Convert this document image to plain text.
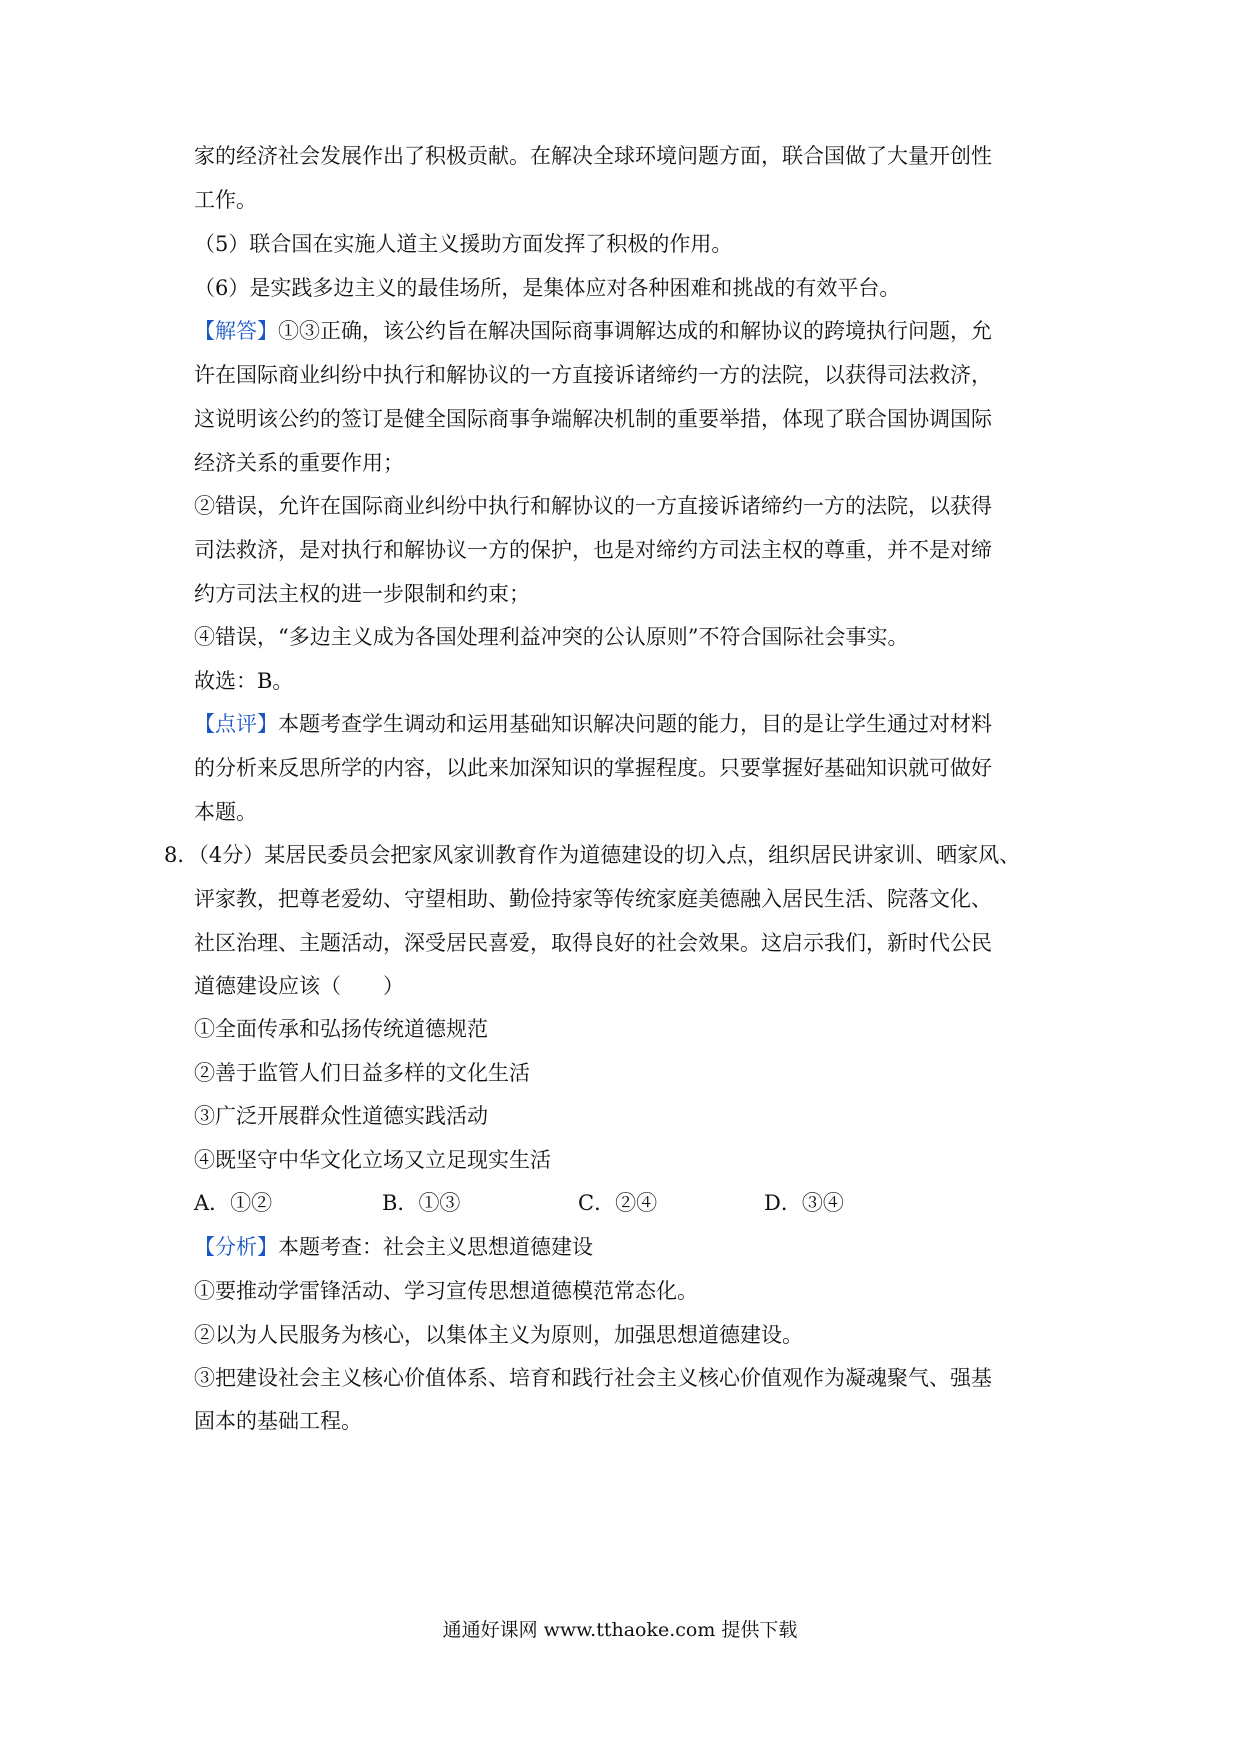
家的经济社会发展作出了积极贡献。在解决全球环境问题方面，联合国做了大量开创性
工作。
（5）联合国在实施人道主义援助方面发挥了积极的作用。
（6）是实践多边主义的最佳场所，是集体应对各种困难和挑战的有效平台。
【解答】①③正确，该公约旨在解决国际商事调解达成的和解协议的跨境执行问题，允
许在国际商业纠纷中执行和解协议的一方直接诉诸缔约一方的法院，以获得司法救济，
这说明该公约的签订是健全国际商事争端解决机制的重要举措，体现了联合国协调国际
经济关系的重要作用；
②错误，允许在国际商业纠纷中执行和解协议的一方直接诉诸缔约一方的法院，以获得
司法救济，是对执行和解协议一方的保护，也是对缔约方司法主权的尊重，并不是对缔
约方司法主权的进一步限制和约束；
④错误，“多边主义成为各国处理利益冲突的公认原则”不符合国际社会事实。
故选：B。
【点评】本题考查学生调动和运用基础知识解决问题的能力，目的是让学生通过对材料
的分析来反思所学的内容，以此来加深知识的掌握程度。只要掌握好基础知识就可做好
本题。
8．（4分）某居民委员会把家风家训教育作为道德建设的切入点，组织居民讲家训、晒家风、
评家教，把尊老爱幼、守望相助、勤俭持家等传统家庭美德融入居民生活、院落文化、
社区治理、主题活动，深受居民喜爱，取得良好的社会效果。这启示我们，新时代公民
道德建设应该（　　）
①全面传承和弘扬传统道德规范
②善于监管人们日益多样的文化生活
③广泛开展群众性道德实践活动
④既坚守中华文化立场又立足现实生活
A．①②	B．①③	C．②④	D．③④
【分析】本题考查：社会主义思想道德建设
①要推动学雷锋活动、学习宣传思想道德模范常态化。
②以为人民服务为核心，以集体主义为原则，加强思想道德建设。
③把建设社会主义核心价值体系、培育和践行社会主义核心价值观作为凝魂聚气、强基
固本的基础工程。
通通好课网 www.tthaoke.com 提供下载
